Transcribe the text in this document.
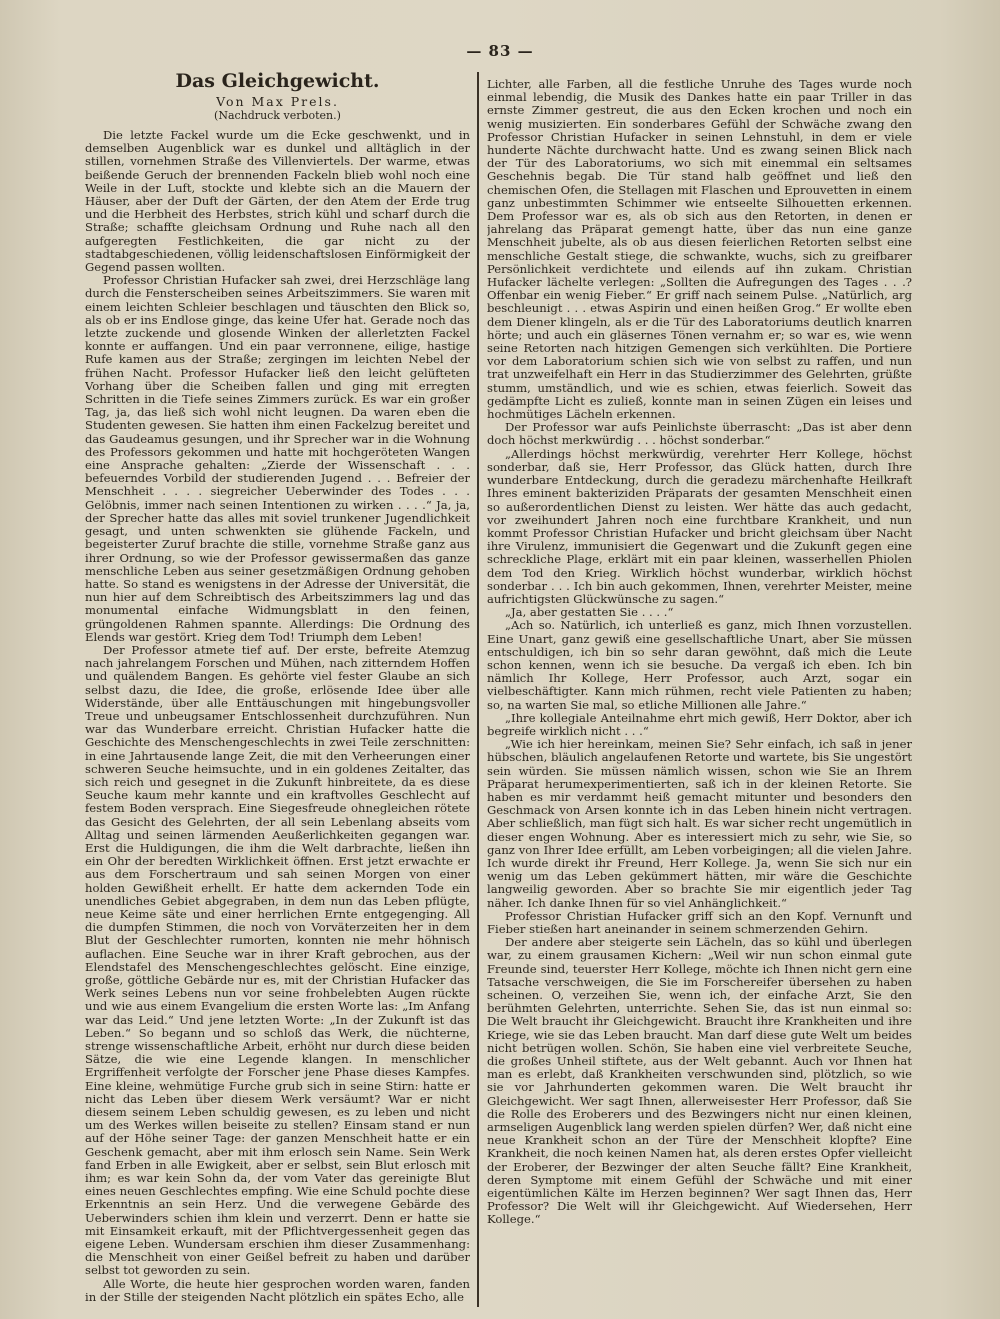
— 83 —
Das Gleichgewicht.

Von Max Prels.

(Nachdruck verboten.)

Die letzte Fackel wurde um die Ecke geschwenkt, und in demselben Augenblick war es dunkel und alltäglich in der stillen, vornehmen Straße des Villenviertels. Der warme, etwas beißende Geruch der brennenden Fackeln blieb wohl noch eine Weile in der Luft, stockte und klebte sich an die Mauern der Häuser, aber der Duft der Gärten, der den Atem der Erde trug und die Herbheit des Herbstes, strich kühl und scharf durch die Straße; schaffte gleichsam Ordnung und Ruhe nach all den aufgeregten Festlichkeiten, die gar nicht zu der stadtabgeschiedenen, völlig leidenschaftslosen Einförmigkeit der Gegend passen wollten.

Professor Christian Hufacker sah zwei, drei Herzschläge lang durch die Fensterscheiben seines Arbeitszimmers. Sie waren mit einem leichten Schleier beschlagen und täuschten den Blick so, als ob er ins Endlose ginge, das keine Ufer hat. Gerade noch das letzte zuckende und glosende Winken der allerletzten Fackel konnte er auffangen. Und ein paar verronnene, eilige, hastige Rufe kamen aus der Straße; zergingen im leichten Nebel der frühen Nacht. Professor Hufacker ließ den leicht gelüfteten Vorhang über die Scheiben fallen und ging mit erregten Schritten in die Tiefe seines Zimmers zurück. Es war ein großer Tag, ja, das ließ sich wohl nicht leugnen. Da waren eben die Studenten gewesen. Sie hatten ihm einen Fackelzug bereitet und das Gaudeamus gesungen, und ihr Sprecher war in die Wohnung des Professors gekommen und hatte mit hochgeröteten Wangen eine Ansprache gehalten: „Zierde der Wissenschaft . . . befeuerndes Vorbild der studierenden Jugend . . . Befreier der Menschheit . . . . siegreicher Ueberwinder des Todes . . . Gelöbnis, immer nach seinen Intentionen zu wirken . . . .“ Ja, ja, der Sprecher hatte das alles mit soviel trunkener Jugendlichkeit gesagt, und unten schwenkten sie glühende Fackeln, und begeisterter Zuruf brachte die stille, vornehme Straße ganz aus ihrer Ordnung, so wie der Professor gewissermaßen das ganze menschliche Leben aus seiner gesetzmäßigen Ordnung gehoben hatte. So stand es wenigstens in der Adresse der Universität, die nun hier auf dem Schreibtisch des Arbeitszimmers lag und das monumental einfache Widmungsblatt in den feinen, grüngoldenen Rahmen spannte. Allerdings: Die Ordnung des Elends war gestört. Krieg dem Tod! Triumph dem Leben!

Der Professor atmete tief auf. Der erste, befreite Atemzug nach jahrelangem Forschen und Mühen, nach zitterndem Hoffen und quälendem Bangen. Es gehörte viel fester Glaube an sich selbst dazu, die Idee, die große, erlösende Idee über alle Widerstände, über alle Enttäuschungen mit hingebungsvoller Treue und unbeugsamer Entschlossenheit durchzuführen. Nun war das Wunderbare erreicht. Christian Hufacker hatte die Geschichte des Menschengeschlechts in zwei Teile zerschnitten: in eine Jahrtausende lange Zeit, die mit den Verheerungen einer schweren Seuche heimsuchte, und in ein goldenes Zeitalter, das sich reich und gesegnet in die Zukunft hinbreitete, da es diese Seuche kaum mehr kannte und ein kraftvolles Geschlecht auf festem Boden versprach. Eine Siegesfreude ohnegleichen rötete das Gesicht des Gelehrten, der all sein Lebenlang abseits vom Alltag und seinen lärmenden Aeußerlichkeiten gegangen war. Erst die Huldigungen, die ihm die Welt darbrachte, ließen ihn ein Ohr der beredten Wirklichkeit öffnen. Erst jetzt erwachte er aus dem Forschertraum und sah seinen Morgen von einer holden Gewißheit erhellt. Er hatte dem ackernden Tode ein unendliches Gebiet abgegraben, in dem nun das Leben pflügte, neue Keime säte und einer herrlichen Ernte entgegenging. All die dumpfen Stimmen, die noch von Vorväterzeiten her in dem Blut der Geschlechter rumorten, konnten nie mehr höhnisch auflachen. Eine Seuche war in ihrer Kraft gebrochen, aus der Elendstafel des Menschengeschlechtes gelöscht. Eine einzige, große, göttliche Gebärde nur es, mit der Christian Hufacker das Werk seines Lebens nun vor seine frohbelebten Augen rückte und wie aus einem Evangelium die ersten Worte las: „Im Anfang war das Leid.“ Und jene letzten Worte: „In der Zukunft ist das Leben.“ So begann und so schloß das Werk, die nüchterne, strenge wissenschaftliche Arbeit, erhöht nur durch diese beiden Sätze, die wie eine Legende klangen. In menschlicher Ergriffenheit verfolgte der Forscher jene Phase dieses Kampfes. Eine kleine, wehmütige Furche grub sich in seine Stirn: hatte er nicht das Leben über diesem Werk versäumt? War er nicht diesem seinem Leben schuldig gewesen, es zu leben und nicht um des Werkes willen beiseite zu stellen? Einsam stand er nun auf der Höhe seiner Tage: der ganzen Menschheit hatte er ein Geschenk gemacht, aber mit ihm erlosch sein Name. Sein Werk fand Erben in alle Ewigkeit, aber er selbst, sein Blut erlosch mit ihm; es war kein Sohn da, der vom Vater das gereinigte Blut eines neuen Geschlechtes empfing. Wie eine Schuld pochte diese Erkenntnis an sein Herz. Und die verwegene Gebärde des Ueberwinders schien ihm klein und verzerrt. Denn er hatte sie mit Einsamkeit erkauft, mit der Pflichtvergessenheit gegen das eigene Leben. Wundersam erschien ihm dieser Zusammenhang: die Menschheit von einer Geißel befreit zu haben und darüber selbst tot geworden zu sein.

Alle Worte, die heute hier gesprochen worden waren, fanden in der Stille der steigenden Nacht plötzlich ein spätes Echo, alle

Lichter, alle Farben, all die festliche Unruhe des Tages wurde noch einmal lebendig, die Musik des Dankes hatte ein paar Triller in das ernste Zimmer gestreut, die aus den Ecken krochen und noch ein wenig musizierten. Ein sonderbares Gefühl der Schwäche zwang den Professor Christian Hufacker in seinen Lehnstuhl, in dem er viele hunderte Nächte durchwacht hatte. Und es zwang seinen Blick nach der Tür des Laboratoriums, wo sich mit einemmal ein seltsames Geschehnis begab. Die Tür stand halb geöffnet und ließ den chemischen Ofen, die Stellagen mit Flaschen und Eprouvetten in einem ganz unbestimmten Schimmer wie entseelte Silhouetten erkennen. Dem Professor war es, als ob sich aus den Retorten, in denen er jahrelang das Präparat gemengt hatte, über das nun eine ganze Menschheit jubelte, als ob aus diesen feierlichen Retorten selbst eine menschliche Gestalt stiege, die schwankte, wuchs, sich zu greifbarer Persönlichkeit verdichtete und eilends auf ihn zukam. Christian Hufacker lächelte verlegen: „Sollten die Aufregungen des Tages . . .? Offenbar ein wenig Fieber.“ Er griff nach seinem Pulse. „Natürlich, arg beschleunigt . . . etwas Aspirin und einen heißen Grog.“ Er wollte eben dem Diener klingeln, als er die Tür des Laboratoriums deutlich knarren hörte; und auch ein gläsernes Tönen vernahm er; so war es, wie wenn seine Retorten nach hitzigen Gemengen sich verkühlten. Die Portiere vor dem Laboratorium schien sich wie von selbst zu raffen, und nun trat unzweifelhaft ein Herr in das Studierzimmer des Gelehrten, grüßte stumm, umständlich, und wie es schien, etwas feierlich. Soweit das gedämpfte Licht es zuließ, konnte man in seinen Zügen ein leises und hochmütiges Lächeln erkennen.

Der Professor war aufs Peinlichste überrascht: „Das ist aber denn doch höchst merkwürdig . . . höchst sonderbar.“

„Allerdings höchst merkwürdig, verehrter Herr Kollege, höchst sonderbar, daß sie, Herr Professor, das Glück hatten, durch Ihre wunderbare Entdeckung, durch die geradezu märchenhafte Heilkraft Ihres eminent bakteriziden Präparats der gesamten Menschheit einen so außerordentlichen Dienst zu leisten. Wer hätte das auch gedacht, vor zweihundert Jahren noch eine furchtbare Krankheit, und nun kommt Professor Christian Hufacker und bricht gleichsam über Nacht ihre Virulenz, immunisiert die Gegenwart und die Zukunft gegen eine schreckliche Plage, erklärt mit ein paar kleinen, wasserhellen Phiolen dem Tod den Krieg. Wirklich höchst wunderbar, wirklich höchst sonderbar . . . Ich bin auch gekommen, Ihnen, verehrter Meister, meine aufrichtigsten Glückwünsche zu sagen.“

„Ja, aber gestatten Sie . . . .“

„Ach so. Natürlich, ich unterließ es ganz, mich Ihnen vorzustellen. Eine Unart, ganz gewiß eine gesellschaftliche Unart, aber Sie müssen entschuldigen, ich bin so sehr daran gewöhnt, daß mich die Leute schon kennen, wenn ich sie besuche. Da vergaß ich eben. Ich bin nämlich Ihr Kollege, Herr Professor, auch Arzt, sogar ein vielbeschäftigter. Kann mich rühmen, recht viele Patienten zu haben; so, na warten Sie mal, so etliche Millionen alle Jahre.“

„Ihre kollegiale Anteilnahme ehrt mich gewiß, Herr Doktor, aber ich begreife wirklich nicht . . .“

„Wie ich hier hereinkam, meinen Sie? Sehr einfach, ich saß in jener hübschen, bläulich angelaufenen Retorte und wartete, bis Sie ungestört sein würden. Sie müssen nämlich wissen, schon wie Sie an Ihrem Präparat herumexperimentierten, saß ich in der kleinen Retorte. Sie haben es mir verdammt heiß gemacht mitunter und besonders den Geschmack von Arsen konnte ich in das Leben hinein nicht vertragen. Aber schließlich, man fügt sich halt. Es war sicher recht ungemütlich in dieser engen Wohnung. Aber es interessiert mich zu sehr, wie Sie, so ganz von Ihrer Idee erfüllt, am Leben vorbeigingen; all die vielen Jahre. Ich wurde direkt ihr Freund, Herr Kollege. Ja, wenn Sie sich nur ein wenig um das Leben gekümmert hätten, mir wäre die Geschichte langweilig geworden. Aber so brachte Sie mir eigentlich jeder Tag näher. Ich danke Ihnen für so viel Anhänglichkeit.“

Professor Christian Hufacker griff sich an den Kopf. Vernunft und Fieber stießen hart aneinander in seinem schmerzenden Gehirn.

Der andere aber steigerte sein Lächeln, das so kühl und überlegen war, zu einem grausamen Kichern: „Weil wir nun schon einmal gute Freunde sind, teuerster Herr Kollege, möchte ich Ihnen nicht gern eine Tatsache verschweigen, die Sie im Forschereifer übersehen zu haben scheinen. O, verzeihen Sie, wenn ich, der einfache Arzt, Sie den berühmten Gelehrten, unterrichte. Sehen Sie, das ist nun einmal so: Die Welt braucht ihr Gleichgewicht. Braucht ihre Krankheiten und ihre Kriege, wie sie das Leben braucht. Man darf diese gute Welt um beides nicht betrügen wollen. Schön, Sie haben eine viel verbreitete Seuche, die großes Unheil stiftete, aus der Welt gebannt. Auch vor Ihnen hat man es erlebt, daß Krankheiten verschwunden sind, plötzlich, so wie sie vor Jahrhunderten gekommen waren. Die Welt braucht ihr Gleichgewicht. Wer sagt Ihnen, allerweisester Herr Professor, daß Sie die Rolle des Eroberers und des Bezwingers nicht nur einen kleinen, armseligen Augenblick lang werden spielen dürfen? Wer, daß nicht eine neue Krankheit schon an der Türe der Menschheit klopfte? Eine Krankheit, die noch keinen Namen hat, als deren erstes Opfer vielleicht der Eroberer, der Bezwinger der alten Seuche fällt? Eine Krankheit, deren Symptome mit einem Gefühl der Schwäche und mit einer eigentümlichen Kälte im Herzen beginnen? Wer sagt Ihnen das, Herr Professor? Die Welt will ihr Gleichgewicht. Auf Wiedersehen, Herr Kollege.“
